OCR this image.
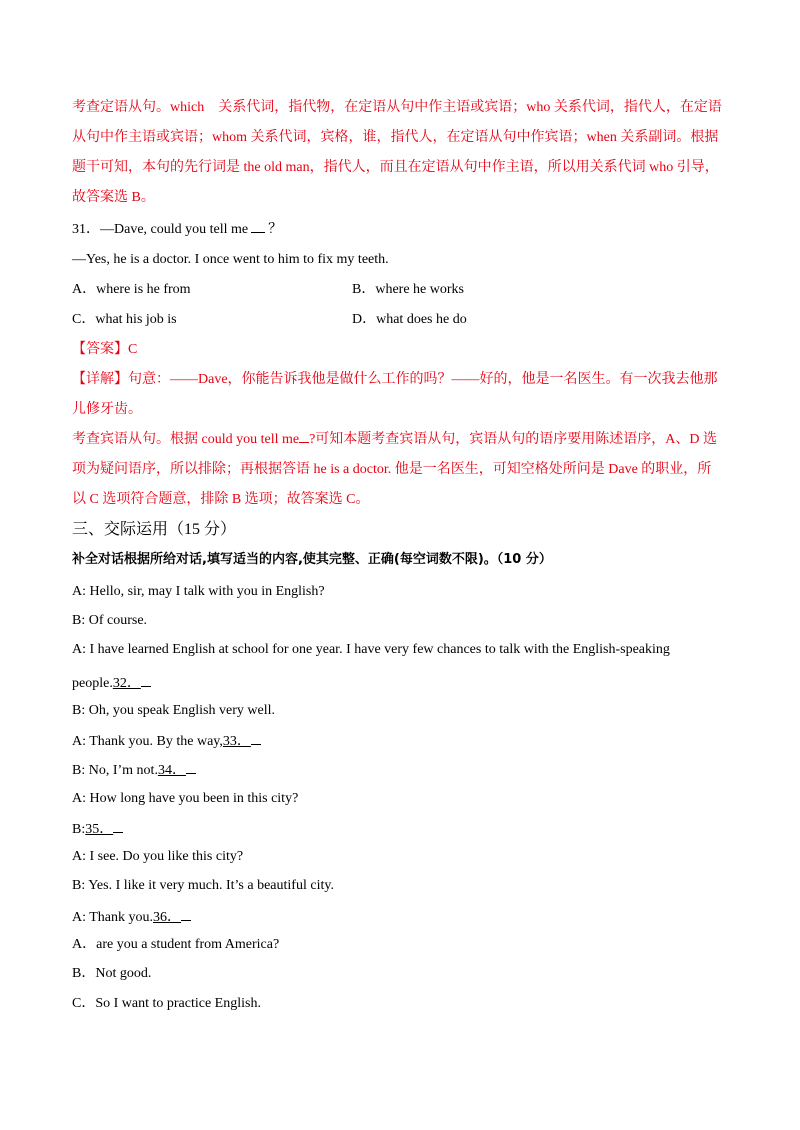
考查定语从句。which　关系代词，指代物，在定语从句中作主语或宾语；who 关系代词，指代人，在定语
从句中作主语或宾语；whom 关系代词，宾格，谁，指代人，在定语从句中作宾语；when 关系副词。根据
题干可知，本句的先行词是 the old man，指代人，而且在定语从句中作主语，所以用关系代词 who 引导，
故答案选 B。
31．—Dave, could you tell me ？
—Yes, he is a doctor. I once went to him to fix my teeth.
A．where is he from	B．where he works
C．what his job is	D．what does he do
【答案】C
【详解】句意：——Dave，你能告诉我他是做什么工作的吗？——好的，他是一名医生。有一次我去他那
儿修牙齿。
考查宾语从句。根据 could you tell me ?可知本题考查宾语从句，宾语从句的语序要用陈述语序，A、D 选
项为疑问语序，所以排除；再根据答语 he is a doctor. 他是一名医生，可知空格处所问是 Dave 的职业，所
以 C 选项符合题意，排除 B 选项；故答案选 C。
三、交际运用（15 分）
补全对话根据所给对话,填写适当的内容,使其完整、正确(每空词数不限)。（10 分）
A: Hello, sir, may I talk with you in English?
B: Of course.
A: I have learned English at school for one year. I have very few chances to talk with the English-speaking
people.32．
B: Oh, you speak English very well.
A: Thank you. By the way,33．
B: No, I’m not.34．
A: How long have you been in this city?
B:35．
A: I see. Do you like this city?
B: Yes. I like it very much. It’s a beautiful city.
A: Thank you.36．
A．are you a student from America?
B．Not good.
C．So I want to practice English.
